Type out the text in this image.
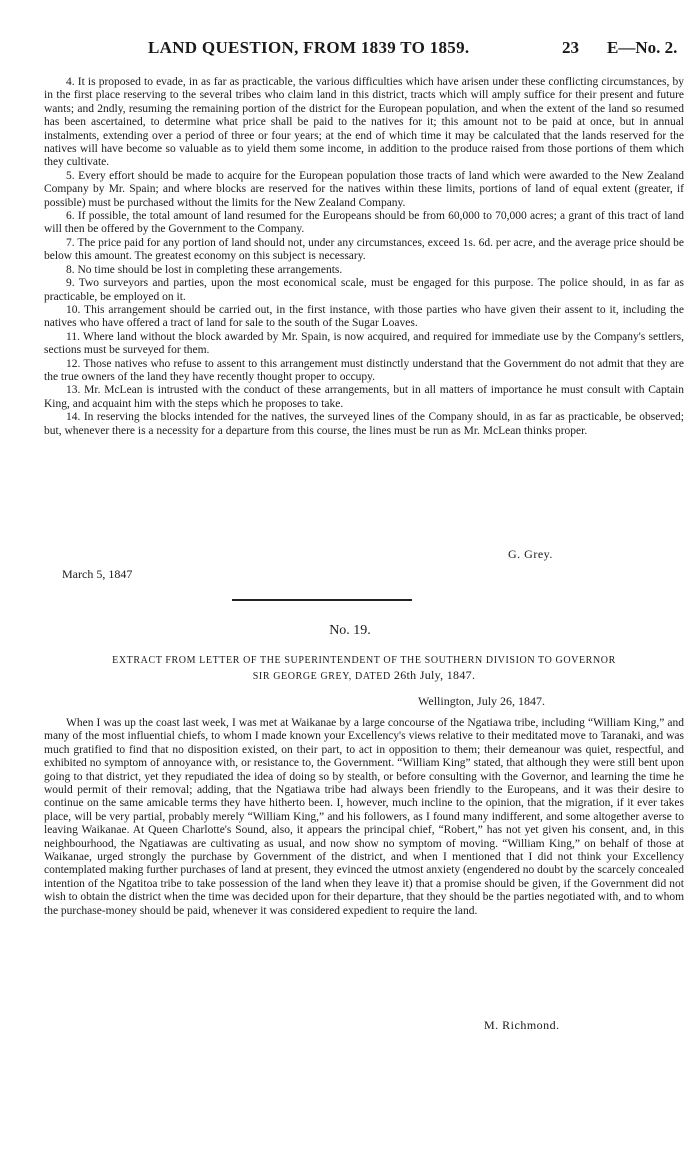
LAND QUESTION, FROM 1839 TO 1859.	23 E—No. 2.

4. It is proposed to evade, in as far as practicable, the various difficulties which have arisen under these conflicting circumstances, by in the first place reserving to the several tribes who claim land in this district, tracts which will amply suffice for their present and future wants; and 2ndly, resuming the remaining portion of the district for the European population, and when the extent of the land so resumed has been ascertained, to determine what price shall be paid to the natives for it; this amount not to be paid at once, but in annual instalments, extending over a period of three or four years; at the end of which time it may be calculated that the lands reserved for the natives will have become so valuable as to yield them some income, in addition to the produce raised from those portions of them which they cultivate.

5. Every effort should be made to acquire for the European population those tracts of land which were awarded to the New Zealand Company by Mr. Spain; and where blocks are reserved for the natives within these limits, portions of land of equal extent (greater, if possible) must be purchased without the limits for the New Zealand Company.

6. If possible, the total amount of land resumed for the Europeans should be from 60,000 to 70,000 acres; a grant of this tract of land will then be offered by the Government to the Company.

7. The price paid for any portion of land should not, under any circumstances, exceed 1s. 6d. per acre, and the average price should be below this amount. The greatest economy on this subject is necessary.

8. No time should be lost in completing these arrangements.

9. Two surveyors and parties, upon the most economical scale, must be engaged for this purpose. The police should, in as far as practicable, be employed on it.

10. This arrangement should be carried out, in the first instance, with those parties who have given their assent to it, including the natives who have offered a tract of land for sale to the south of the Sugar Loaves.

11. Where land without the block awarded by Mr. Spain, is now acquired, and required for immediate use by the Company's settlers, sections must be surveyed for them.

12. Those natives who refuse to assent to this arrangement must distinctly understand that the Government do not admit that they are the true owners of the land they have recently thought proper to occupy.

13. Mr. McLean is intrusted with the conduct of these arrangements, but in all matters of importance he must consult with Captain King, and acquaint him with the steps which he proposes to take.

14. In reserving the blocks intended for the natives, the surveyed lines of the Company should, in as far as practicable, be observed; but, whenever there is a necessity for a departure from this course, the lines must be run as Mr. McLean thinks proper.

G. Grey.
March 5, 1847
No. 19.
EXTRACT FROM LETTER OF THE SUPERINTENDENT OF THE SOUTHERN DIVISION TO GOVERNOR
SIR GEORGE GREY, DATED 26th July, 1847.
Wellington, July 26, 1847.

When I was up the coast last week, I was met at Waikanae by a large concourse of the Ngatiawa tribe, including “William King,” and many of the most influential chiefs, to whom I made known your Excellency's views relative to their meditated move to Taranaki, and was much gratified to find that no disposition existed, on their part, to act in opposition to them; their demeanour was quiet, respectful, and exhibited no symptom of annoyance with, or resistance to, the Government. “William King” stated, that although they were still bent upon going to that district, yet they repudiated the idea of doing so by stealth, or before consulting with the Governor, and learning the time he would permit of their removal; adding, that the Ngatiawa tribe had always been friendly to the Europeans, and it was their desire to continue on the same amicable terms they have hitherto been. I, however, much incline to the opinion, that the migration, if it ever takes place, will be very partial, probably merely “William King,” and his followers, as I found many indifferent, and some altogether averse to leaving Waikanae. At Queen Charlotte's Sound, also, it appears the principal chief, “Robert,” has not yet given his consent, and, in this neighbourhood, the Ngatiawas are cultivating as usual, and now show no symptom of moving. “William King,” on behalf of those at Waikanae, urged strongly the purchase by Government of the district, and when I mentioned that I did not think your Excellency contemplated making further purchases of land at present, they evinced the utmost anxiety (engendered no doubt by the scarcely concealed intention of the Ngatitoa tribe to take possession of the land when they leave it) that a promise should be given, if the Government did not wish to obtain the district when the time was decided upon for their departure, that they should be the parties negotiated with, and to whom the purchase-money should be paid, whenever it was considered expedient to require the land.

M. Richmond.
